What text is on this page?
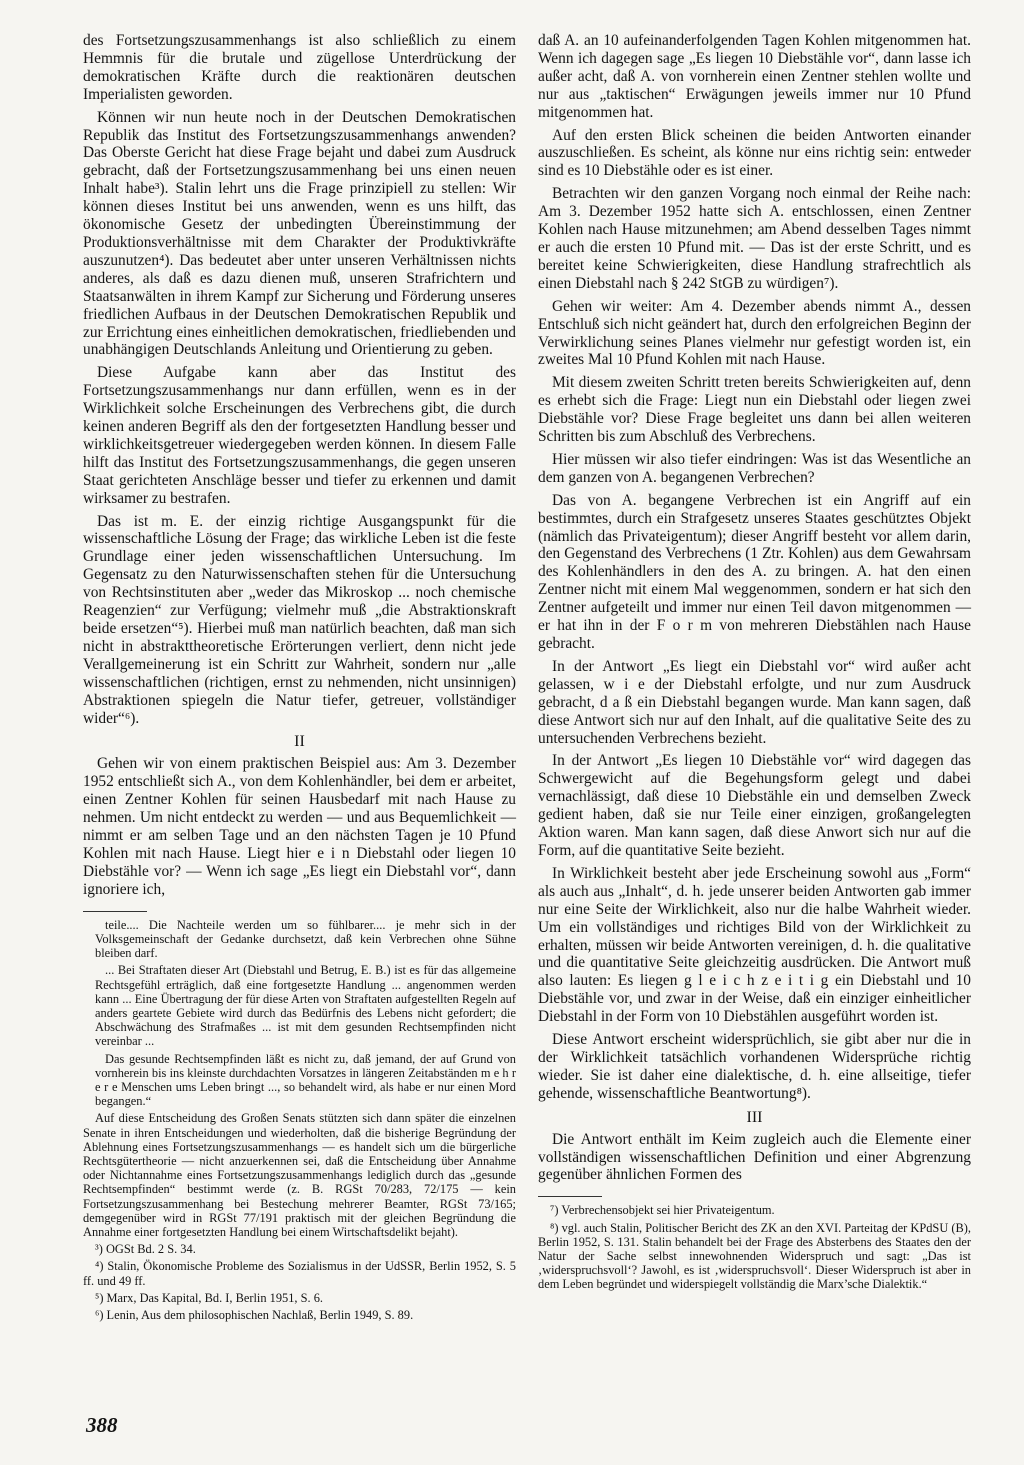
des Fortsetzungszusammenhangs ist also schließlich zu einem Hemmnis für die brutale und zügellose Unterdrückung der demokratischen Kräfte durch die reaktionären deutschen Imperialisten geworden.

Können wir nun heute noch in der Deutschen Demokratischen Republik das Institut des Fortsetzungszusammenhangs anwenden? Das Oberste Gericht hat diese Frage bejaht und dabei zum Ausdruck gebracht, daß der Fortsetzungszusammenhang bei uns einen neuen Inhalt habe³). Stalin lehrt uns die Frage prinzipiell zu stellen: Wir können dieses Institut bei uns anwenden, wenn es uns hilft, das ökonomische Gesetz der unbedingten Übereinstimmung der Produktionsverhältnisse mit dem Charakter der Produktivkräfte auszunutzen⁴). Das bedeutet aber unter unseren Verhältnissen nichts anderes, als daß es dazu dienen muß, unseren Strafrichtern und Staatsanwälten in ihrem Kampf zur Sicherung und Förderung unseres friedlichen Aufbaus in der Deutschen Demokratischen Republik und zur Errichtung eines einheitlichen demokratischen, friedliebenden und unabhängigen Deutschlands Anleitung und Orientierung zu geben.

Diese Aufgabe kann aber das Institut des Fortsetzungszusammenhangs nur dann erfüllen, wenn es in der Wirklichkeit solche Erscheinungen des Verbrechens gibt, die durch keinen anderen Begriff als den der fortgesetzten Handlung besser und wirklichkeitsgetreuer wiedergegeben werden können. In diesem Falle hilft das Institut des Fortsetzungszusammenhangs, die gegen unseren Staat gerichteten Anschläge besser und tiefer zu erkennen und damit wirksamer zu bestrafen.

Das ist m. E. der einzig richtige Ausgangspunkt für die wissenschaftliche Lösung der Frage; das wirkliche Leben ist die feste Grundlage einer jeden wissenschaftlichen Untersuchung. Im Gegensatz zu den Naturwissenschaften stehen für die Untersuchung von Rechtsinstituten aber „weder das Mikroskop ... noch chemische Reagenzien“ zur Verfügung; vielmehr muß „die Abstraktionskraft beide ersetzen“⁵). Hierbei muß man natürlich beachten, daß man sich nicht in abstrakttheoretische Erörterungen verliert, denn nicht jede Verallgemeinerung ist ein Schritt zur Wahrheit, sondern nur „alle wissenschaftlichen (richtigen, ernst zu nehmenden, nicht unsinnigen) Abstraktionen spiegeln die Natur tiefer, getreuer, vollständiger wider“⁶).

II

Gehen wir von einem praktischen Beispiel aus: Am 3. Dezember 1952 entschließt sich A., von dem Kohlenhändler, bei dem er arbeitet, einen Zentner Kohlen für seinen Hausbedarf mit nach Hause zu nehmen. Um nicht entdeckt zu werden — und aus Bequemlichkeit — nimmt er am selben Tage und an den nächsten Tagen je 10 Pfund Kohlen mit nach Hause. Liegt hier e i n Diebstahl oder liegen 10 Diebstähle vor? — Wenn ich sage „Es liegt ein Diebstahl vor“, dann ignoriere ich,

teile.... Die Nachteile werden um so fühlbarer.... je mehr sich in der Volksgemeinschaft der Gedanke durchsetzt, daß kein Verbrechen ohne Sühne bleiben darf.

... Bei Straftaten dieser Art (Diebstahl und Betrug, E. B.) ist es für das allgemeine Rechtsgefühl erträglich, daß eine fortgesetzte Handlung ... angenommen werden kann ... Eine Übertragung der für diese Arten von Straftaten aufgestellten Regeln auf anders geartete Gebiete wird durch das Bedürfnis des Lebens nicht gefordert; die Abschwächung des Strafmaßes ... ist mit dem gesunden Rechtsempfinden nicht vereinbar ...

Das gesunde Rechtsempfinden läßt es nicht zu, daß jemand, der auf Grund von vornherein bis ins kleinste durchdachten Vorsatzes in längeren Zeitabständen m e h r e r e Menschen ums Leben bringt ..., so behandelt wird, als habe er nur einen Mord begangen.“

Auf diese Entscheidung des Großen Senats stützten sich dann später die einzelnen Senate in ihren Entscheidungen und wiederholten, daß die bisherige Begründung der Ablehnung eines Fortsetzungszusammenhangs — es handelt sich um die bürgerliche Rechtsgütertheorie — nicht anzuerkennen sei, daß die Entscheidung über Annahme oder Nichtannahme eines Fortsetzungszusammenhangs lediglich durch das „gesunde Rechtsempfinden“ bestimmt werde (z. B. RGSt 70/283, 72/175 — kein Fortsetzungszusammenhang bei Bestechung mehrerer Beamter, RGSt 73/165; demgegenüber wird in RGSt 77/191 praktisch mit der gleichen Begründung die Annahme einer fortgesetzten Handlung bei einem Wirtschaftsdelikt bejaht).

³) OGSt Bd. 2 S. 34.

⁴) Stalin, Ökonomische Probleme des Sozialismus in der UdSSR, Berlin 1952, S. 5 ff. und 49 ff.

⁵) Marx, Das Kapital, Bd. I, Berlin 1951, S. 6.

⁶) Lenin, Aus dem philosophischen Nachlaß, Berlin 1949, S. 89.

daß A. an 10 aufeinanderfolgenden Tagen Kohlen mitgenommen hat. Wenn ich dagegen sage „Es liegen 10 Diebstähle vor“, dann lasse ich außer acht, daß A. von vornherein einen Zentner stehlen wollte und nur aus „taktischen“ Erwägungen jeweils immer nur 10 Pfund mitgenommen hat.

Auf den ersten Blick scheinen die beiden Antworten einander auszuschließen. Es scheint, als könne nur eins richtig sein: entweder sind es 10 Diebstähle oder es ist einer.

Betrachten wir den ganzen Vorgang noch einmal der Reihe nach: Am 3. Dezember 1952 hatte sich A. entschlossen, einen Zentner Kohlen nach Hause mitzunehmen; am Abend desselben Tages nimmt er auch die ersten 10 Pfund mit. — Das ist der erste Schritt, und es bereitet keine Schwierigkeiten, diese Handlung strafrechtlich als einen Diebstahl nach § 242 StGB zu würdigen⁷).

Gehen wir weiter: Am 4. Dezember abends nimmt A., dessen Entschluß sich nicht geändert hat, durch den erfolgreichen Beginn der Verwirklichung seines Planes vielmehr nur gefestigt worden ist, ein zweites Mal 10 Pfund Kohlen mit nach Hause.

Mit diesem zweiten Schritt treten bereits Schwierigkeiten auf, denn es erhebt sich die Frage: Liegt nun ein Diebstahl oder liegen zwei Diebstähle vor? Diese Frage begleitet uns dann bei allen weiteren Schritten bis zum Abschluß des Verbrechens.

Hier müssen wir also tiefer eindringen: Was ist das Wesentliche an dem ganzen von A. begangenen Verbrechen?

Das von A. begangene Verbrechen ist ein Angriff auf ein bestimmtes, durch ein Strafgesetz unseres Staates geschütztes Objekt (nämlich das Privateigentum); dieser Angriff besteht vor allem darin, den Gegenstand des Verbrechens (1 Ztr. Kohlen) aus dem Gewahrsam des Kohlenhändlers in den des A. zu bringen. A. hat den einen Zentner nicht mit einem Mal weggenommen, sondern er hat sich den Zentner aufgeteilt und immer nur einen Teil davon mitgenommen — er hat ihn in der F o r m von mehreren Diebstählen nach Hause gebracht.

In der Antwort „Es liegt ein Diebstahl vor“ wird außer acht gelassen, w i e der Diebstahl erfolgte, und nur zum Ausdruck gebracht, d a ß ein Diebstahl begangen wurde. Man kann sagen, daß diese Antwort sich nur auf den Inhalt, auf die qualitative Seite des zu untersuchenden Verbrechens bezieht.

In der Antwort „Es liegen 10 Diebstähle vor“ wird dagegen das Schwergewicht auf die Begehungsform gelegt und dabei vernachlässigt, daß diese 10 Diebstähle ein und demselben Zweck gedient haben, daß sie nur Teile einer einzigen, großangelegten Aktion waren. Man kann sagen, daß diese Anwort sich nur auf die Form, auf die quantitative Seite bezieht.

In Wirklichkeit besteht aber jede Erscheinung sowohl aus „Form“ als auch aus „Inhalt“, d. h. jede unserer beiden Antworten gab immer nur eine Seite der Wirklichkeit, also nur die halbe Wahrheit wieder. Um ein vollständiges und richtiges Bild von der Wirklichkeit zu erhalten, müssen wir beide Antworten vereinigen, d. h. die qualitative und die quantitative Seite gleichzeitig ausdrücken. Die Antwort muß also lauten: Es liegen g l e i c h z e i t i g ein Diebstahl und 10 Diebstähle vor, und zwar in der Weise, daß ein einziger einheitlicher Diebstahl in der Form von 10 Diebstählen ausgeführt worden ist.

Diese Antwort erscheint widersprüchlich, sie gibt aber nur die in der Wirklichkeit tatsächlich vorhandenen Widersprüche richtig wieder. Sie ist daher eine dialektische, d. h. eine allseitige, tiefer gehende, wissenschaftliche Beantwortung⁸).

III

Die Antwort enthält im Keim zugleich auch die Elemente einer vollständigen wissenschaftlichen Definition und einer Abgrenzung gegenüber ähnlichen Formen des

⁷) Verbrechensobjekt sei hier Privateigentum.

⁸) vgl. auch Stalin, Politischer Bericht des ZK an den XVI. Parteitag der KPdSU (B), Berlin 1952, S. 131. Stalin behandelt bei der Frage des Absterbens des Staates den der Natur der Sache selbst innewohnenden Widerspruch und sagt: „Das ist ‚widerspruchsvoll‘? Jawohl, es ist ‚widerspruchsvoll‘. Dieser Widerspruch ist aber in dem Leben begründet und widerspiegelt vollständig die Marx’sche Dialektik.“

388
